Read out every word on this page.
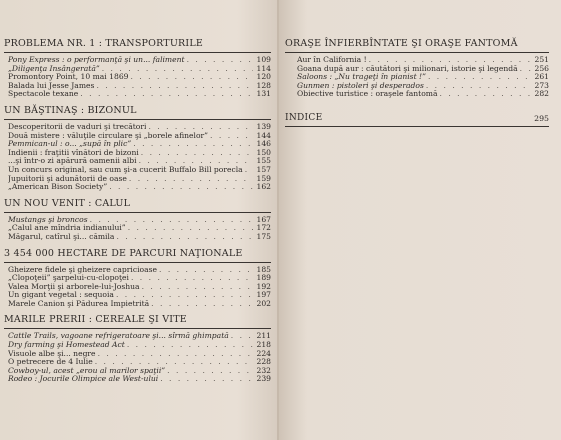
PROBLEMA NR. 1 : TRANSPORTURILE
Pony Express : o performanţă şi un... faliment . . .	109
„Diligenţa Insângerată” . . .	114
Promontory Point, 10 mai 1869 . . .	120
Balada lui Jesse James . . .	128
Spectacole texane . . .	131
UN BĂŞTINAŞ : BIZONUL
Descoperitorii de vaduri şi trecători . . .	139
Două mistere : văluţile circulare şi „borele afinelor” . . .	144
Pemmican-ul : o... „supă în plic” . . .	146
Indienii : fraţitii vînători de bizoni . . .	150
...şi într-o zi apărură oamenii albi . . .	155
Un concurs original, sau cum şi-a cucerit Buffalo Bill porecla . . . 157
Jupuitorii şi adunătorii de oase . . .	159
„American Bison Society” . . .	162
UN NOU VENIT : CALUL
Mustangs şi broncos . . .	167
„Calul ane mîndria indianului” . . .	172
Măgarul, catîrul şi... cămila . . .	175
3 454 000 HECTARE DE PARCURI NAŢIONALE
Gheizere fidele şi gheizere capricioase . . .	185
„Clopoţeii” şarpelui-cu-clopoţei . . .	189
Valea Morţii şi arborele-lui-Joshua . . .	192
Un gigant vegetal : sequoia . . .	197
Marele Canion şi Pădurea Împietrită . . .	202
MARILE PRERII : CEREALE ŞI VITE
Cattle Trails, vagoane refrigeratoare şi... sîrmă ghimpată . . .	211
Dry farming şi Homestead Act . . .	218
Visuole albe şi... negre . . .	224
O petrecere de 4 Iulie . . .	228
Cowboy-ul, acest „erou al marilor spaţii” . . .	232
Rodeo : Jocurile Olimpice ale West-ului . . .	239
ORAŞE ÎNFIERBÎNTATE ŞI ORAŞE FANTOMĂ
Aur în California ! . . .	251
Goana după aur : căutători şi milionari, istorie şi legendă . . . 256
Saloons : „Nu trageţi în pianist !” . . .	261
Gunmen : pistoleri şi desperados . . .	273
Obiective turistice : oraşele fantomă . . .	282
INDICE	295
